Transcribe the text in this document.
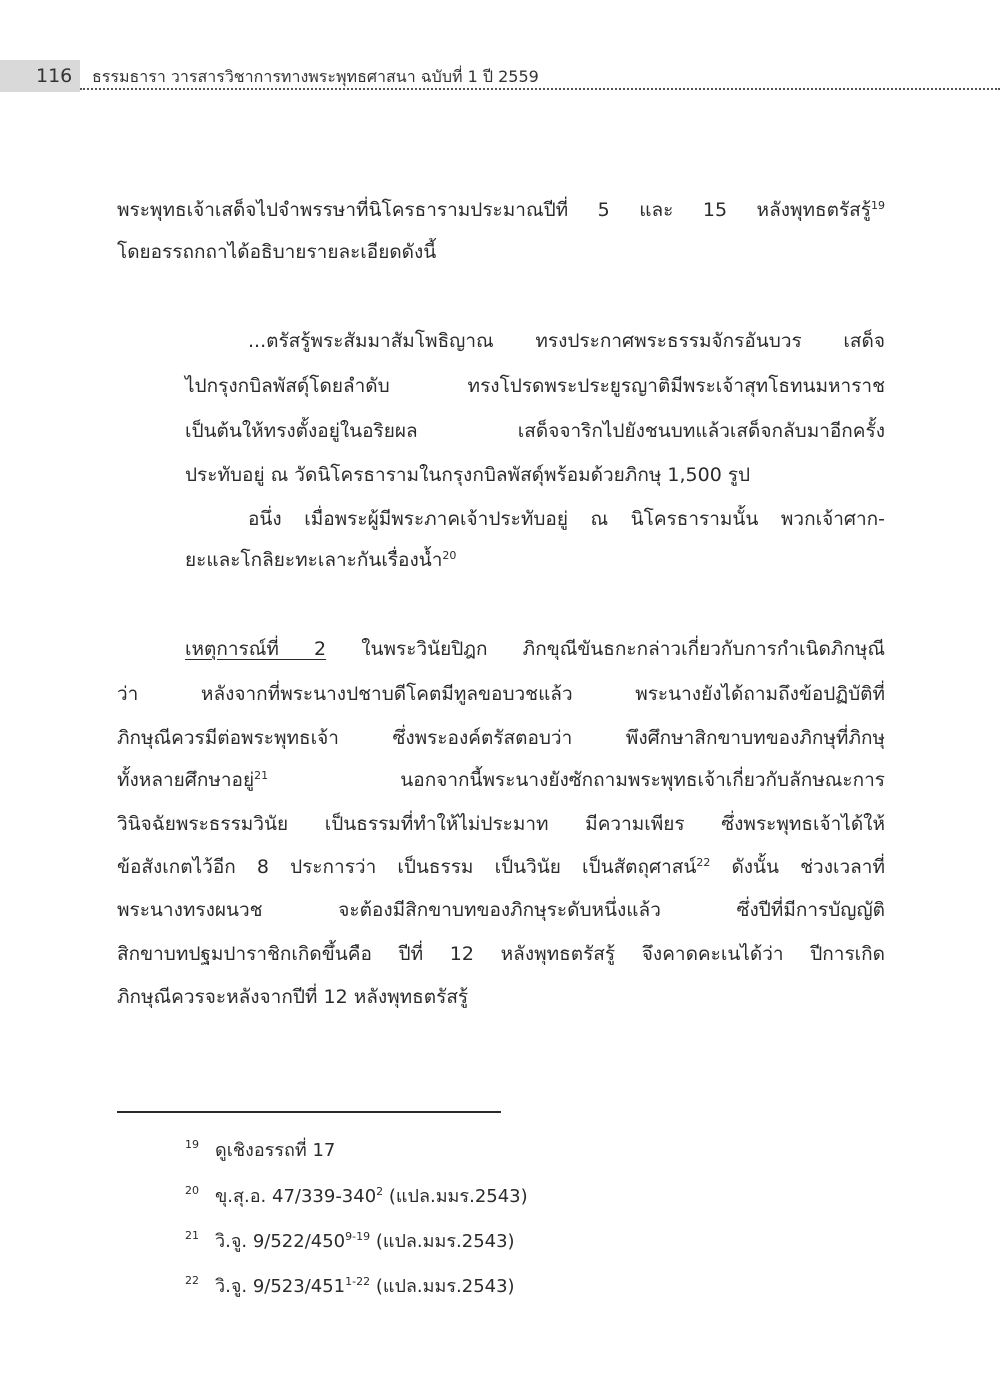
116 ธรรมธารา วารสารวิชาการทางพระพุทธศาสนา ฉบับที่ 1 ปี 2559
พระพุทธเจ้าเสด็จไปจำพรรษาที่นิโครธารามประมาณปีที่ 5 และ 15 หลังพุทธตรัสรู้$^{19}$
โดยอรรถกถาได้อธิบายรายละเอียดดังนี้
...ตรัสรู้พระสัมมาสัมโพธิญาณ ทรงประกาศพระธรรมจักรอันบวร เสด็จ
ไปกรุงกบิลพัสดุ์โดยลำดับ ทรงโปรดพระประยูรญาติมีพระเจ้าสุทโธทนมหาราช
เป็นต้นให้ทรงตั้งอยู่ในอริยผล เสด็จจาริกไปยังชนบทแล้วเสด็จกลับมาอีกครั้ง
ประทับอยู่ ณ วัดนิโครธารามในกรุงกบิลพัสดุ์พร้อมด้วยภิกษุ 1,500 รูป
อนึ่ง เมื่อพระผู้มีพระภาคเจ้าประทับอยู่ ณ นิโครธารามนั้น พวกเจ้าศาก-
ยะและโกลิยะทะเลาะกันเรื่องน้ำ$^{20}$
เหตุการณ์ที่ 2 ในพระวินัยปิฎก ภิกขุณีขันธกะกล่าวเกี่ยวกับการกำเนิดภิกษุณี
ว่า หลังจากที่พระนางปชาบดีโคตมีทูลขอบวชแล้ว พระนางยังได้ถามถึงข้อปฏิบัติที่
ภิกษุณีควรมีต่อพระพุทธเจ้า ซึ่งพระองค์ตรัสตอบว่า พึงศึกษาสิกขาบทของภิกษุที่ภิกษุ
ทั้งหลายศึกษาอยู่$^{21}$ นอกจากนี้พระนางยังซักถามพระพุทธเจ้าเกี่ยวกับลักษณะการ
วินิจฉัยพระธรรมวินัย เป็นธรรมที่ทำให้ไม่ประมาท มีความเพียร ซึ่งพระพุทธเจ้าได้ให้
ข้อสังเกตไว้อีก 8 ประการว่า เป็นธรรม เป็นวินัย เป็นสัตถุศาสน์$^{22}$ ดังนั้น ช่วงเวลาที่
พระนางทรงผนวช จะต้องมีสิกขาบทของภิกษุระดับหนึ่งแล้ว ซึ่งปีที่มีการบัญญัติ
สิกขาบทปฐมปาราชิกเกิดขึ้นคือ ปีที่ 12 หลังพุทธตรัสรู้ จึงคาดคะเนได้ว่า ปีการเกิด
ภิกษุณีควรจะหลังจากปีที่ 12 หลังพุทธตรัสรู้
19 ดูเชิงอรรถที่ 17
20 ขุ.สุ.อ. $47/339-340^2$ (แปล.มมร.2543)
21 วิ.จู. 9/522/450$^{9-19}$ (แปล.มมร.2543)
22 วิ.จู. 9/523/451$^{1-22}$ (แปล.มมร.2543)
